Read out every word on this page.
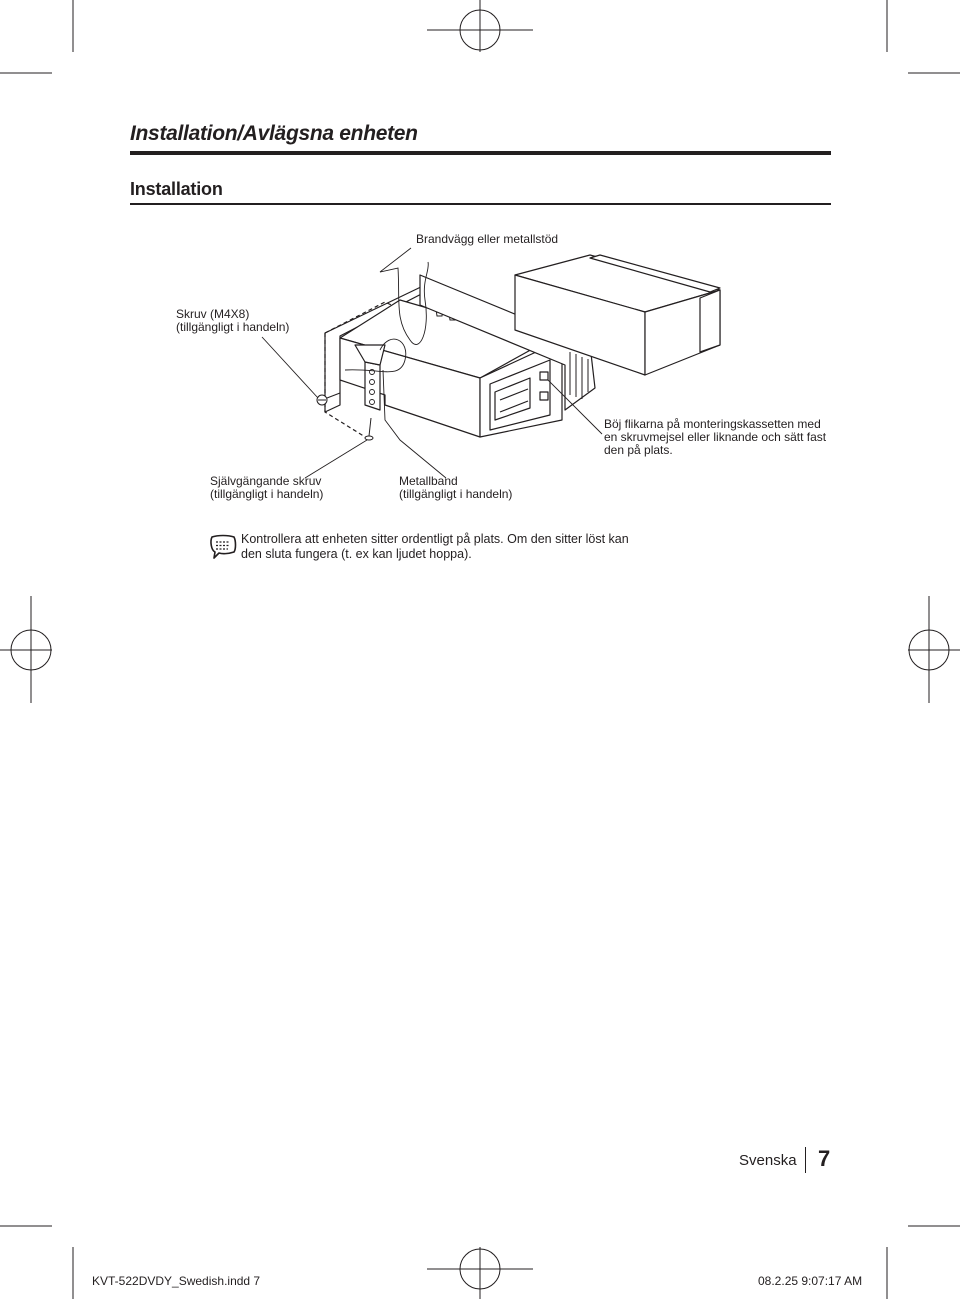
Installation/Avlägsna enheten
Installation
Brandvägg eller metallstöd
Skruv (M4X8)
(tillgängligt i handeln)
Självgängande skruv
(tillgängligt i handeln)
Metallband
(tillgängligt i handeln)
Böj flikarna på monteringskassetten med
en skruvmejsel eller liknande och sätt fast
den på plats.
Kontrollera att enheten sitter ordentligt på plats. Om den sitter löst kan
den sluta fungera (t. ex kan ljudet hoppa).
Svenska 7
KVT-522DVDY_Swedish.indd 7	08.2.25 9:07:17 AM
